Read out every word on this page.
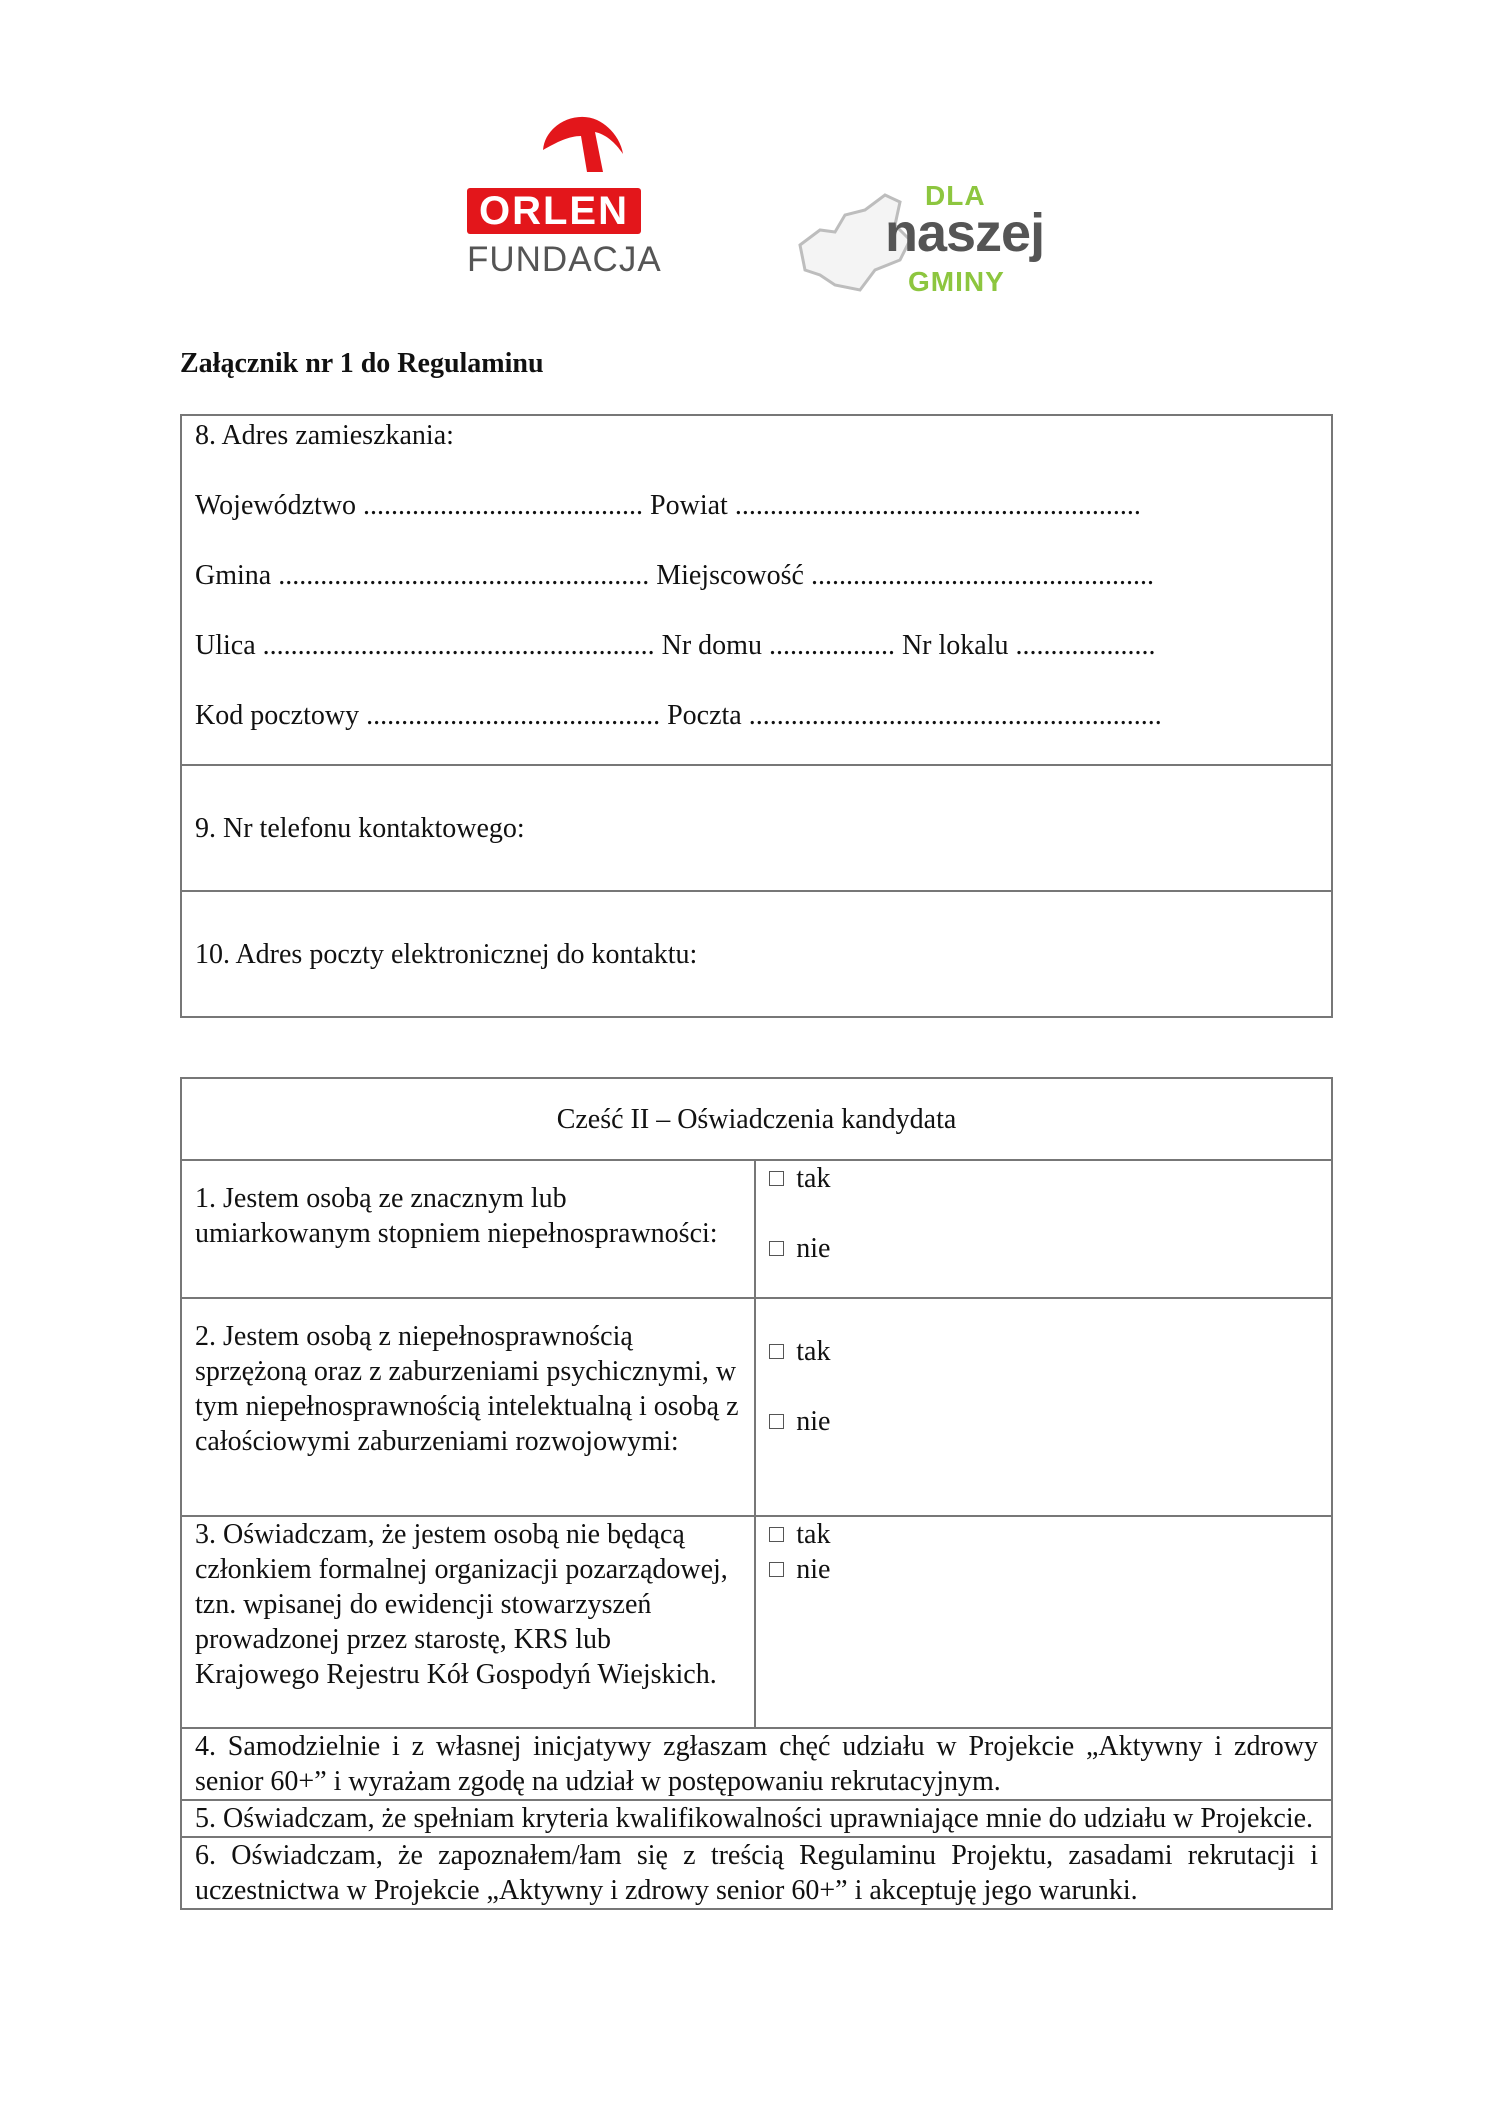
ORLEN
FUNDACJA
DLA
naszej
GMINY
Załącznik nr 1 do Regulaminu

8. Adres zamieszkania:

Województwo ........................................ Powiat ..........................................................

Gmina ..................................................... Miejscowość .................................................

Ulica ........................................................ Nr domu .................. Nr lokalu ....................

Kod pocztowy .......................................... Poczta ...........................................................

9. Nr telefonu kontaktowego:
10. Adres poczty elektronicznej do kontaktu:
Cześć II – Oświadczenia kandydata	
1. Jestem osobą ze znacznym lub umiarkowanym stopniem niepełnosprawności:	tak
nie

2. Jestem osobą z niepełnosprawnością sprzężoną oraz z zaburzeniami psychicznymi, w tym niepełnosprawnością intelektualną i osobą z całościowymi zaburzeniami rozwojowymi:	tak
nie

3. Oświadczam, że jestem osobą nie będącą członkiem formalnej organizacji pozarządowej, tzn. wpisanej do ewidencji stowarzyszeń prowadzonej przez starostę, KRS lub Krajowego Rejestru Kół Gospodyń Wiejskich.	tak
nie

4. Samodzielnie i z własnej inicjatywy zgłaszam chęć udziału w Projekcie „Aktywny i zdrowy senior 60+” i wyrażam zgodę na udział w postępowaniu rekrutacyjnym.	
5. Oświadczam, że spełniam kryteria kwalifikowalności uprawniające mnie do udziału w Projekcie.	
6. Oświadczam, że zapoznałem/łam się z treścią Regulaminu Projektu, zasadami rekrutacji i uczestnictwa w Projekcie „Aktywny i zdrowy senior 60+” i akceptuję jego warunki.	
